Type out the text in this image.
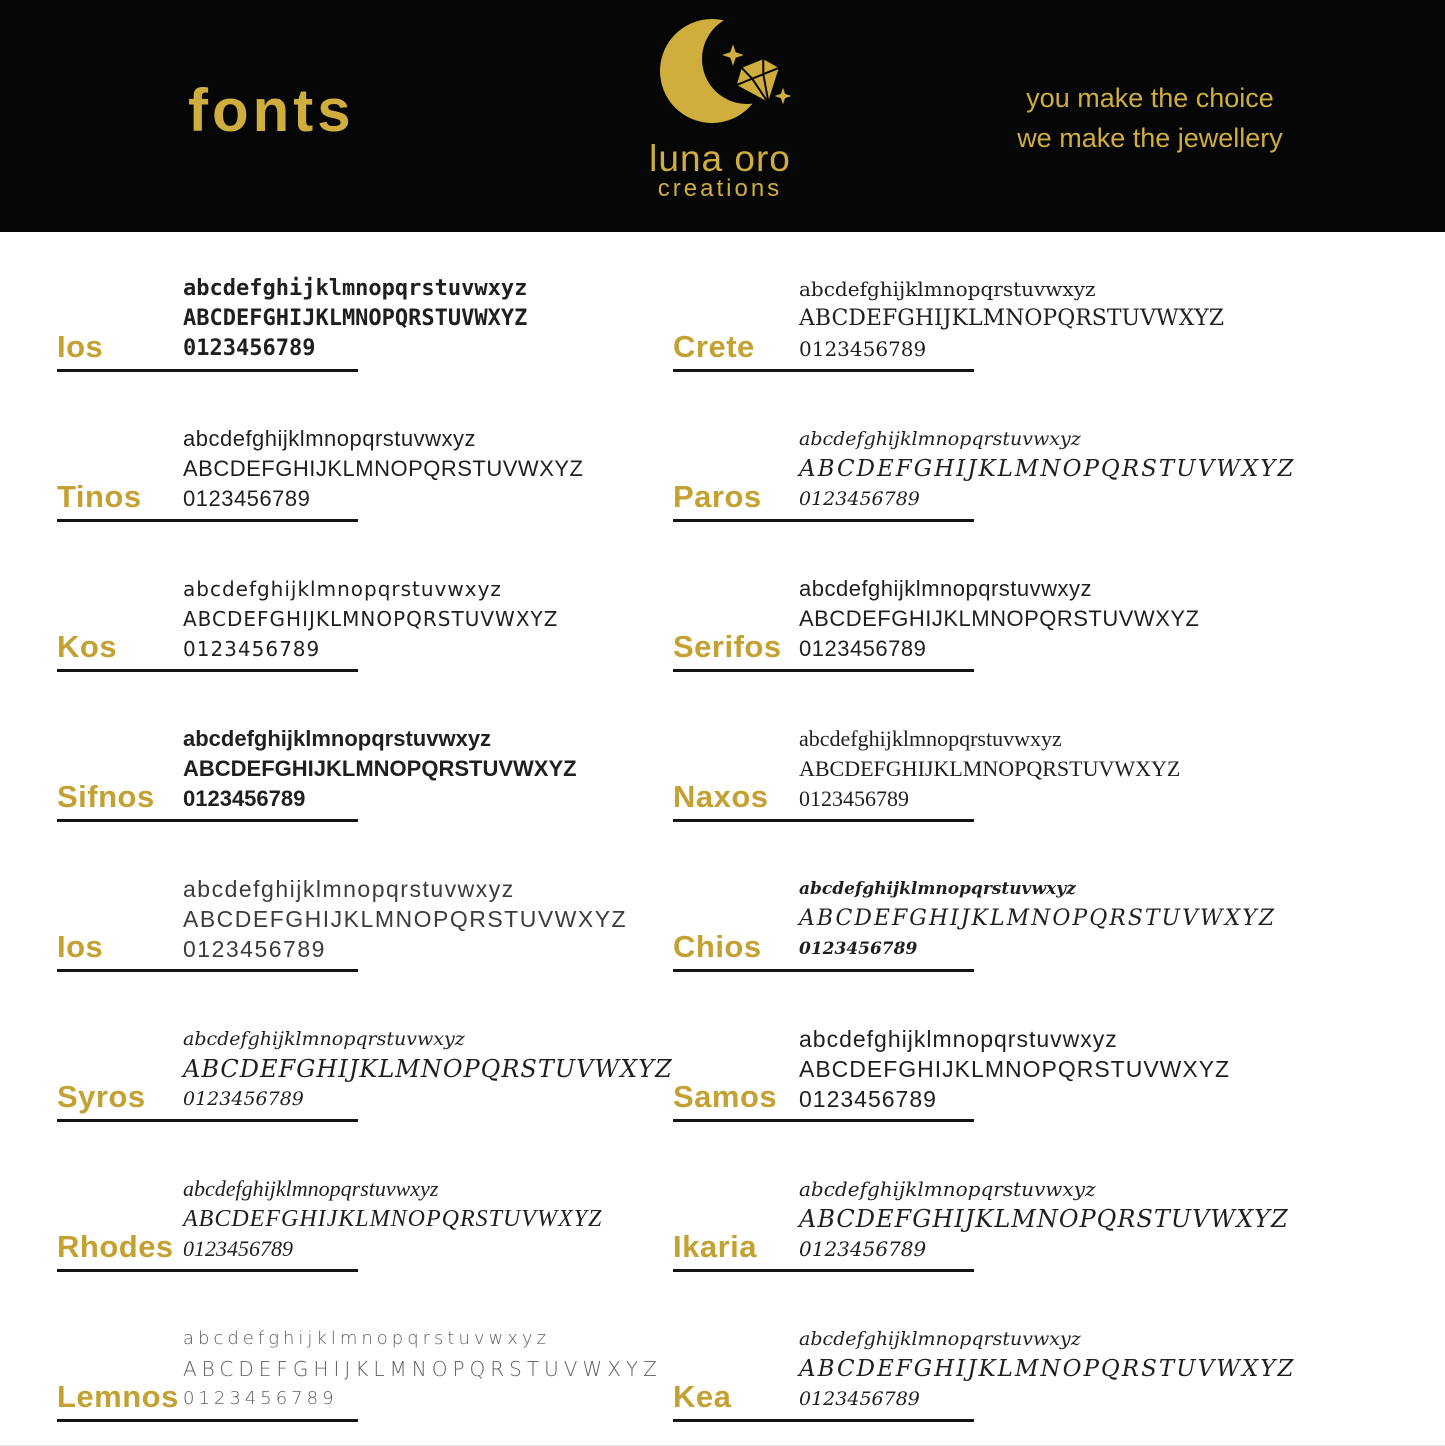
fonts
luna oro
creations
you make the choice
we make the jewellery
Ios
abcdefghijklmnopqrstuvwxyz
ABCDEFGHIJKLMNOPQRSTUVWXYZ
0123456789
Tinos
abcdefghijklmnopqrstuvwxyz
ABCDEFGHIJKLMNOPQRSTUVWXYZ
0123456789
Kos
abcdefghijklmnopqrstuvwxyz
ABCDEFGHIJKLMNOPQRSTUVWXYZ
0123456789
Sifnos
abcdefghijklmnopqrstuvwxyz
ABCDEFGHIJKLMNOPQRSTUVWXYZ
0123456789
Ios
abcdefghijklmnopqrstuvwxyz
ABCDEFGHIJKLMNOPQRSTUVWXYZ
0123456789
Syros
abcdefghijklmnopqrstuvwxyz
ABCDEFGHIJKLMNOPQRSTUVWXYZ
0123456789
Rhodes
abcdefghijklmnopqrstuvwxyz
ABCDEFGHIJKLMNOPQRSTUVWXYZ
0123456789
Lemnos
abcdefghijklmnopqrstuvwxyz
ABCDEFGHIJKLMNOPQRSTUVWXYZ
0123456789
Crete
abcdefghijklmnopqrstuvwxyz
ABCDEFGHIJKLMNOPQRSTUVWXYZ
0123456789
Paros
abcdefghijklmnopqrstuvwxyz
ABCDEFGHIJKLMNOPQRSTUVWXYZ
0123456789
Serifos
abcdefghijklmnopqrstuvwxyz
ABCDEFGHIJKLMNOPQRSTUVWXYZ
0123456789
Naxos
abcdefghijklmnopqrstuvwxyz
ABCDEFGHIJKLMNOPQRSTUVWXYZ
0123456789
Chios
abcdefghijklmnopqrstuvwxyz
ABCDEFGHIJKLMNOPQRSTUVWXYZ
0123456789
Samos
abcdefghijklmnopqrstuvwxyz
ABCDEFGHIJKLMNOPQRSTUVWXYZ
0123456789
Ikaria
abcdefghijklmnopqrstuvwxyz
ABCDEFGHIJKLMNOPQRSTUVWXYZ
0123456789
Kea
abcdefghijklmnopqrstuvwxyz
ABCDEFGHIJKLMNOPQRSTUVWXYZ
0123456789
